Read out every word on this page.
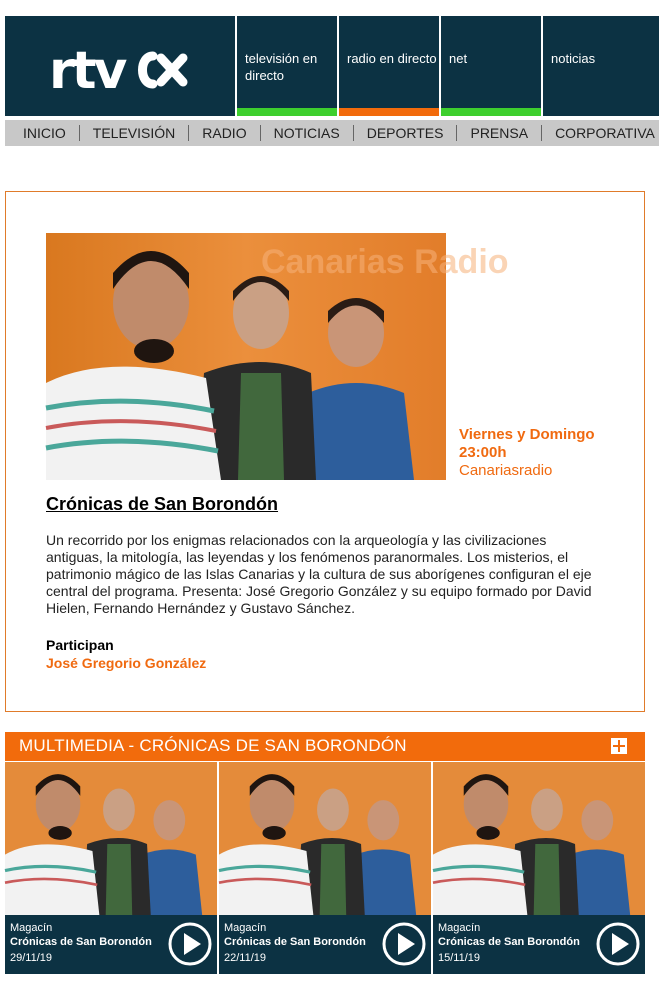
rtv	televisión en directo
radio en directo net	noticias
INICIO	TELEVISIÓN	RADIO	NOTICIAS	DEPORTES	PRENSA	CORPORATIVA
Canarias Radio
Viernes y Domingo
23:00h
Canariasradio
Crónicas de San Borondón
Un recorrido por los enigmas relacionados con la arqueología y las civilizaciones antiguas, la mitología, las leyendas y los fenómenos paranormales. Los misterios, el patrimonio mágico de las Islas Canarias y la cultura de sus aborígenes configuran el eje central del programa. Presenta: José Gregorio González y su equipo formado por David Hielen, Fernando Hernández y Gustavo Sánchez.
Participan
José Gregorio González
MULTIMEDIA - CRÓNICAS DE SAN BORONDÓN
Magacín
Crónicas de San Borondón
29/11/19
Magacín
Crónicas de San Borondón
22/11/19
Magacín
Crónicas de San Borondón
15/11/19
